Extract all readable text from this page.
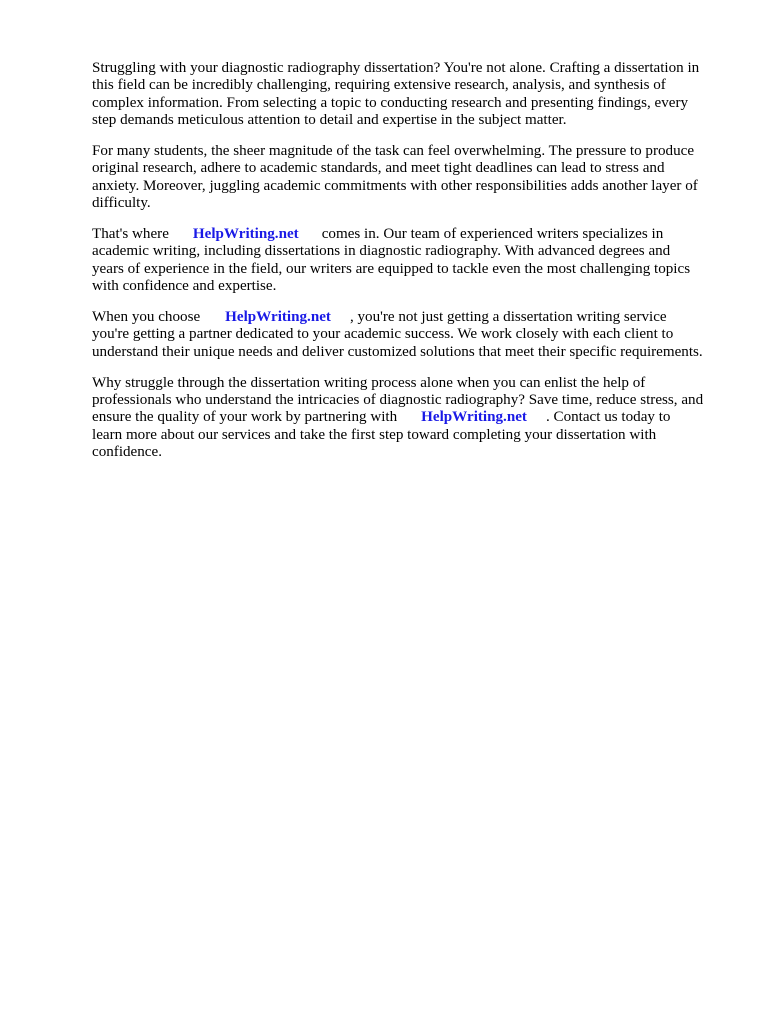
Struggling with your diagnostic radiography dissertation? You're not alone. Crafting a dissertation in
this field can be incredibly challenging, requiring extensive research, analysis, and synthesis of
complex information. From selecting a topic to conducting research and presenting findings, every
step demands meticulous attention to detail and expertise in the subject matter.

For many students, the sheer magnitude of the task can feel overwhelming. The pressure to produce
original research, adhere to academic standards, and meet tight deadlines can lead to stress and
anxiety. Moreover, juggling academic commitments with other responsibilities adds another layer of
difficulty.

That's where HelpWriting.net comes in. Our team of experienced writers specializes in
academic writing, including dissertations in diagnostic radiography. With advanced degrees and
years of experience in the field, our writers are equipped to tackle even the most challenging topics
with confidence and expertise.

When you choose HelpWriting.net , you're not just getting a dissertation writing service
you're getting a partner dedicated to your academic success. We work closely with each client to
understand their unique needs and deliver customized solutions that meet their specific requirements.

Why struggle through the dissertation writing process alone when you can enlist the help of
professionals who understand the intricacies of diagnostic radiography? Save time, reduce stress, and
ensure the quality of your work by partnering with HelpWriting.net . Contact us today to
learn more about our services and take the first step toward completing your dissertation with
confidence.
